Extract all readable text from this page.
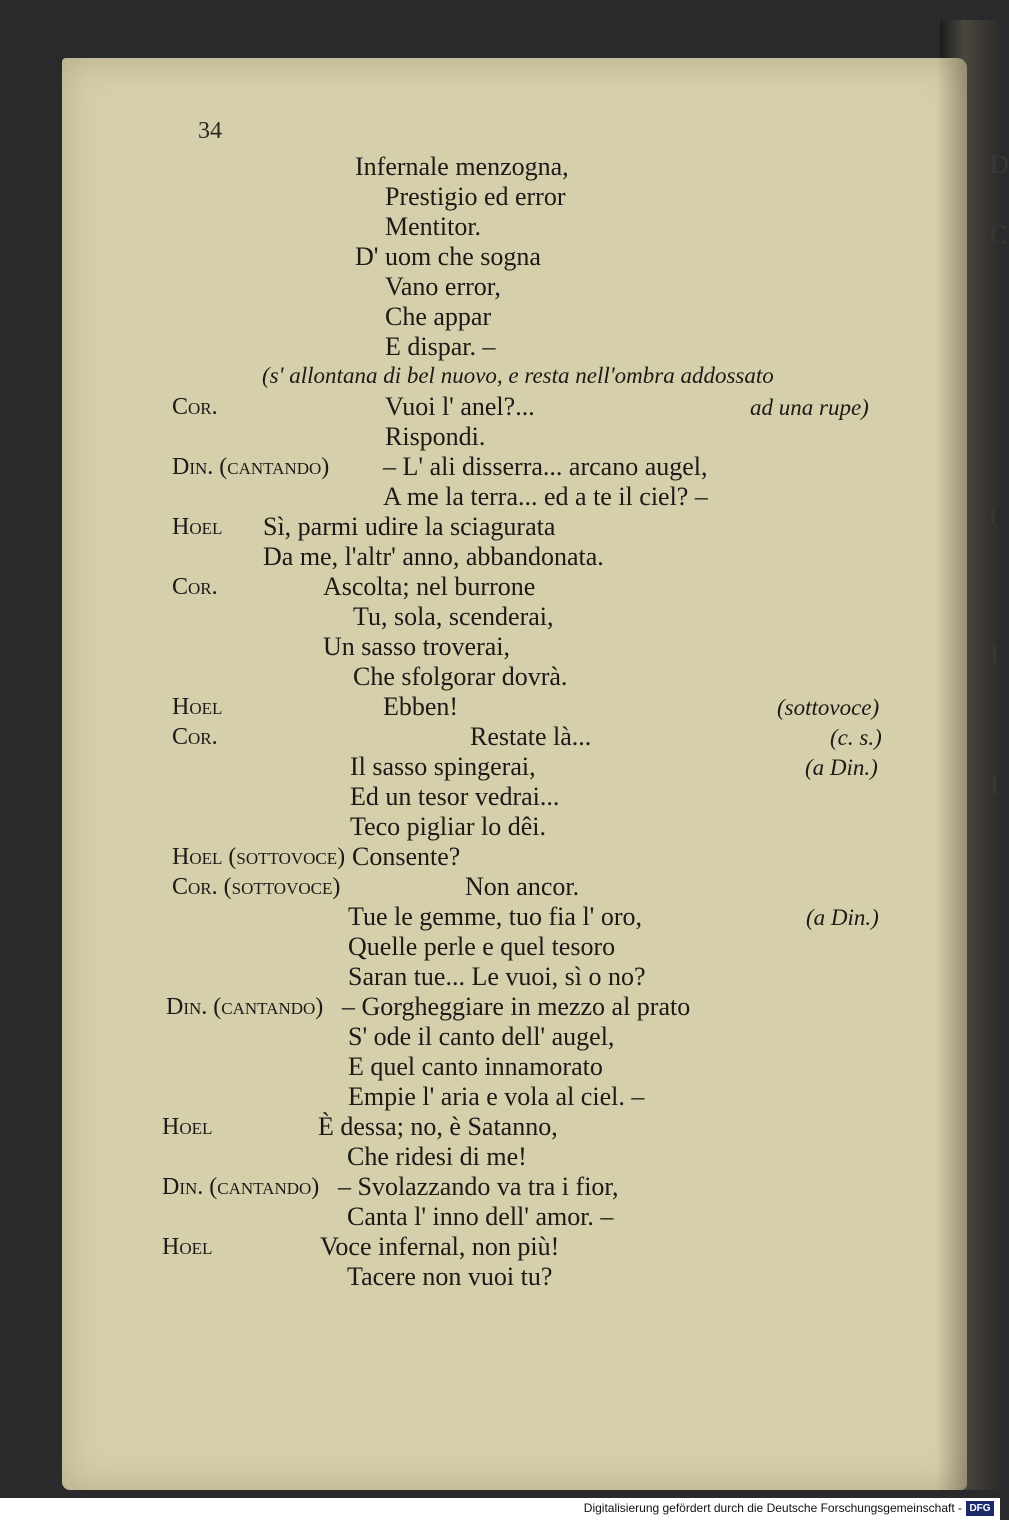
D
C
(
I
I
34
Infernale menzogna,
Prestigio ed error
Mentitor.
D' uom che sogna
Vano error,
Che appar
E dispar. –
(s' allontana di bel nuovo, e resta nell'ombra addossato
Cor.	Vuoi l' anel?...	ad una rupe)
Rispondi.
Din. (cantando) – L' ali disserra... arcano augel,
A me la terra... ed a te il ciel? –
Hoel Sì, parmi udire la sciagurata
Da me, l'altr' anno, abbandonata.
Cor.	Ascolta; nel burrone
Tu, sola, scenderai,
Un sasso troverai,
Che sfolgorar dovrà.
Hoel	Ebben!	(sottovoce)
Cor.	Restate là...	(c. s.)
Il sasso spingerai,	(a Din.)
Ed un tesor vedrai...
Teco pigliar lo dêi.
Hoel (sottovoce) Consente?
Cor. (sottovoce)	Non ancor.
Tue le gemme, tuo fia l' oro,	(a Din.)
Quelle perle e quel tesoro
Saran tue... Le vuoi, sì o no?
Din. (cantando) – Gorgheggiare in mezzo al prato
S' ode il canto dell' augel,
E quel canto innamorato
Empie l' aria e vola al ciel. –
Hoel	È dessa; no, è Satanno,
Che ridesi di me!
Din. (cantando) – Svolazzando va tra i fior,
Canta l' inno dell' amor. –
Hoel	Voce infernal, non più!
Tacere non vuoi tu?
Digitalisierung gefördert durch die Deutsche Forschungsgemeinschaft - DFG
